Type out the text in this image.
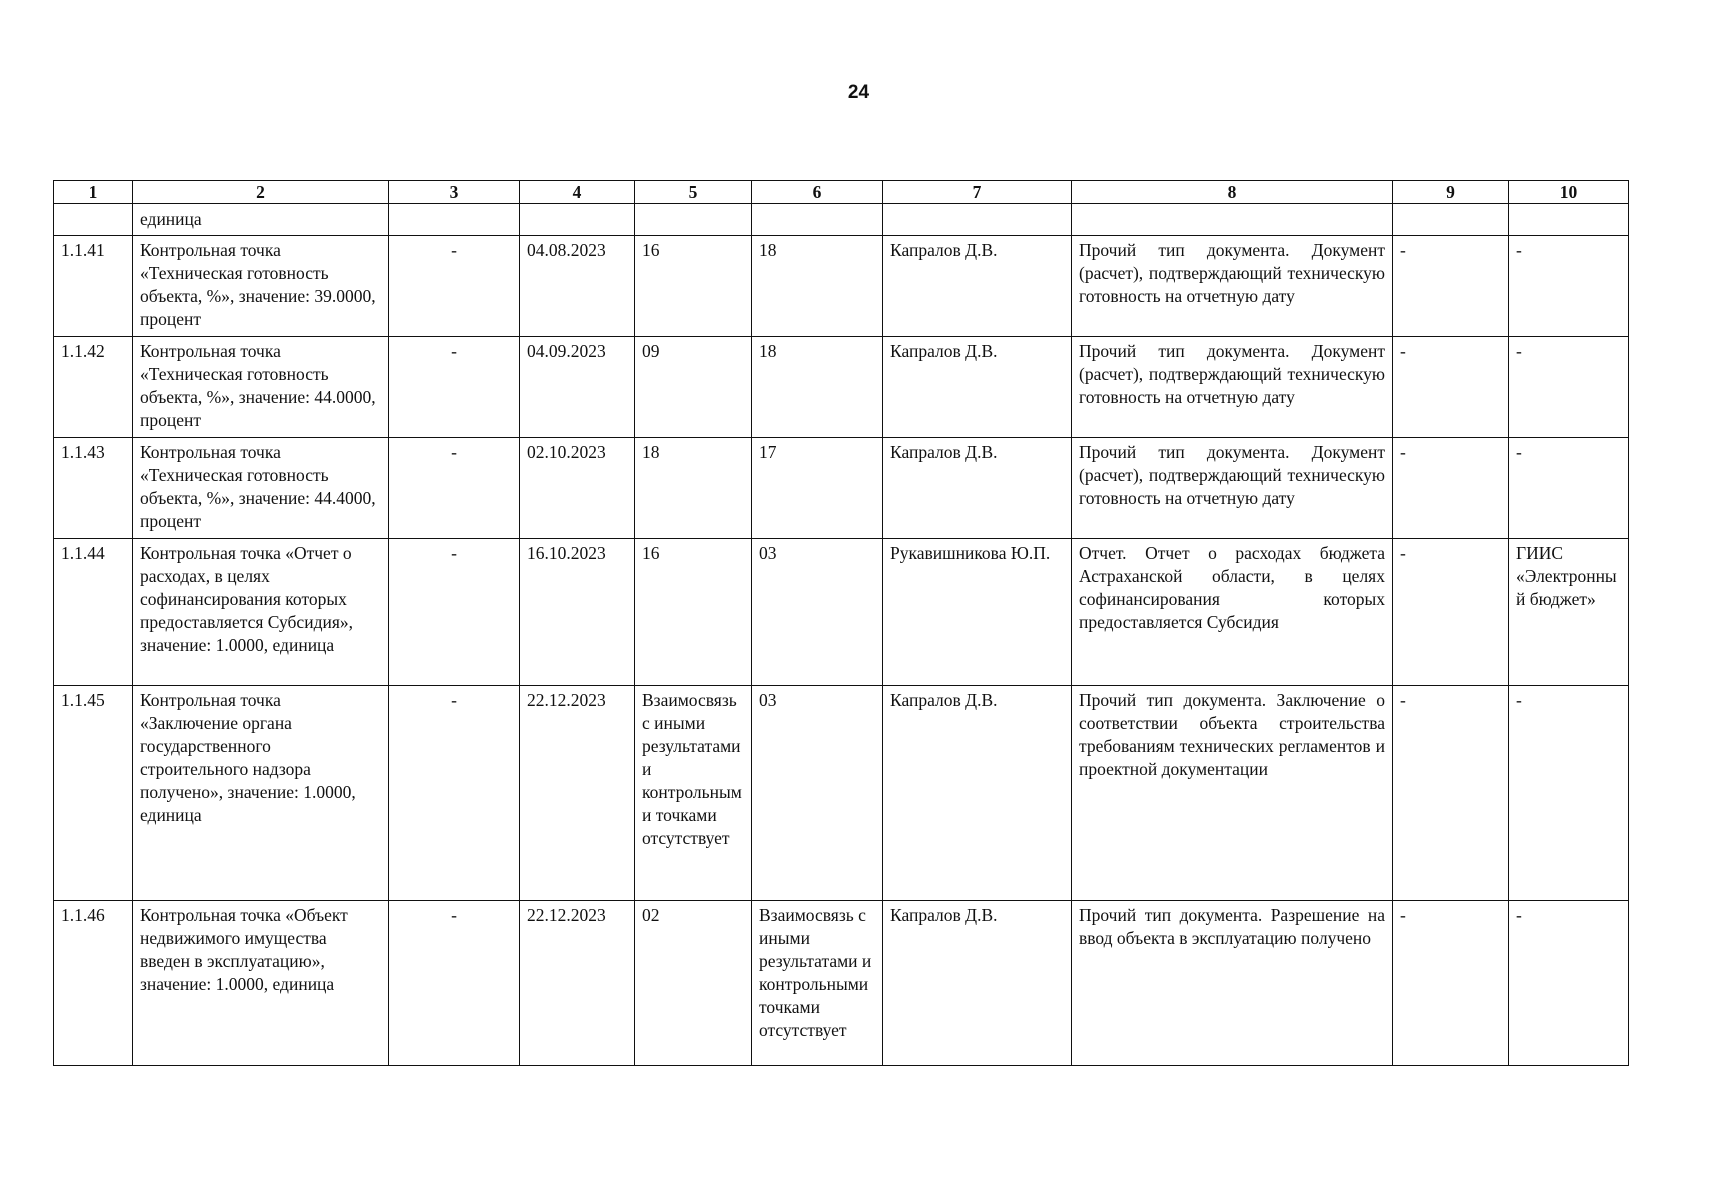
24
1	2	3	4	5	6	7	8	9	10
	единица								
1.1.41	Контрольная точка «Техническая готовность объекта, %», значение: 39.0000, процент	-	04.08.2023	16	18	Капралов Д.В.	Прочий тип документа. Документ (расчет), подтверждающий техническую готовность на отчетную дату	-	-
1.1.42	Контрольная точка «Техническая готовность объекта, %», значение: 44.0000, процент	-	04.09.2023	09	18	Капралов Д.В.	Прочий тип документа. Документ (расчет), подтверждающий техническую готовность на отчетную дату	-	-
1.1.43	Контрольная точка «Техническая готовность объекта, %», значение: 44.4000, процент	-	02.10.2023	18	17	Капралов Д.В.	Прочий тип документа. Документ (расчет), подтверждающий техническую готовность на отчетную дату	-	-
1.1.44	Контрольная точка «Отчет о расходах, в целях софинансирования которых предоставляется Субсидия», значение: 1.0000, единица	-	16.10.2023	16	03	Рукавишникова Ю.П.	Отчет. Отчет о расходах бюджета Астраханской области, в целях софинансирования которых предоставляется Субсидия	-	ГИИС «Электронный бюджет»
1.1.45	Контрольная точка «Заключение органа государственного строительного надзора получено», значение: 1.0000, единица	-	22.12.2023	Взаимосвязь с иными результатами и контрольными точками отсутствует	03	Капралов Д.В.	Прочий тип документа. Заключение о соответствии объекта строительства требованиям технических регламентов и проектной документации	-	-
1.1.46	Контрольная точка «Объект недвижимого имущества введен в эксплуатацию», значение: 1.0000, единица	-	22.12.2023	02	Взаимосвязь с иными результатами и контрольными точками отсутствует	Капралов Д.В.	Прочий тип документа. Разрешение на ввод объекта в эксплуатацию получено	-	-
